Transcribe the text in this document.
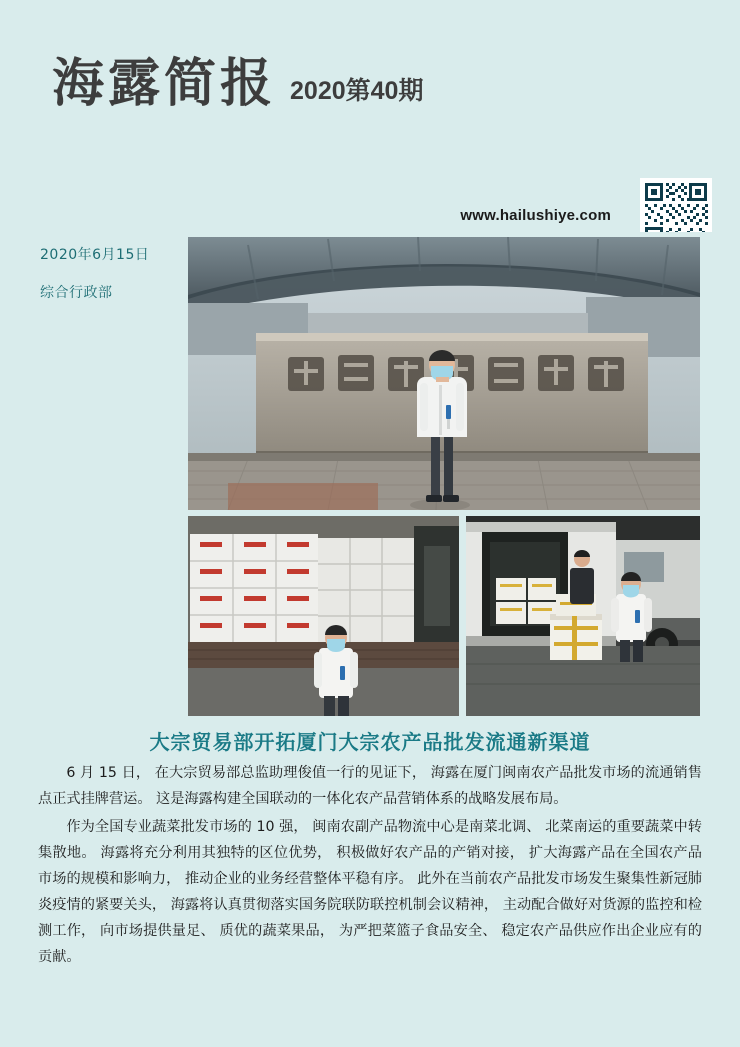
海露简报 2020第40期
www.hailushiye.com
2020年6月15日
综合行政部
大宗贸易部开拓厦门大宗农产品批发流通新渠道

6 月 15 日， 在大宗贸易部总监助理俊值一行的见证下， 海露在厦门闽南农产品批发市场的流通销售点正式挂牌营运。 这是海露构建全国联动的一体化农产品营销体系的战略发展布局。

作为全国专业蔬菜批发市场的 10 强， 闽南农副产品物流中心是南菜北调、 北菜南运的重要蔬菜中转集散地。 海露将充分利用其独特的区位优势， 积极做好农产品的产销对接， 扩大海露产品在全国农产品市场的规模和影响力， 推动企业的业务经营整体平稳有序。 此外在当前农产品批发市场发生聚集性新冠肺炎疫情的紧要关头， 海露将认真贯彻落实国务院联防联控机制会议精神， 主动配合做好对货源的监控和检测工作， 向市场提供量足、 质优的蔬菜果品， 为严把菜篮子食品安全、 稳定农产品供应作出企业应有的贡献。
